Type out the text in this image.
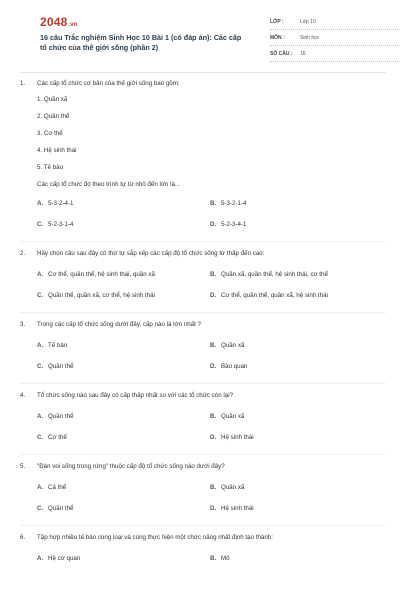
2048.vn
16 câu Trắc nghiệm Sinh Học 10 Bài 1 (có đáp án): Các cấp tổ chức của thế giới sống (phần 2)
LỚP :	Lớp 10
MÔN :	Sinh học
SỐ CÂU :	16
1.	Các cấp tổ chức cơ bản của thế giới sống bao gồm:
1. Quần xã
2. Quần thể
3. Cơ thể
4. Hệ sinh thái
5. Tế bào
Các cấp tổ chức đó theo trình tự từ nhỏ đến lớn là...
A. 5-3-2-4-1	B. 5-3-2-1-4
C. 5-2-3-1-4	D. 5-2-3-4-1
2.	Hãy chọn câu sau đây có thứ tự sắp xếp các cấp độ tổ chức sống từ thấp đến cao:
A. Cơ thể, quần thể, hệ sinh thái, quần xã	B. Quần xã, quần thể, hệ sinh thái, cơ thể
C. Quần thể, quần xã, cơ thể, hệ sinh thái	D. Cơ thể, quần thể, quần xã, hệ sinh thái
3.	Trong các cấp tổ chức sống dưới đây, cấp nào là lớn nhất ?
A. Tế bào	B. Quần xã
C. Quần thể	D. Bào quan
4.	Tổ chức sống nào sau đây có cấp thấp nhất so với các tổ chức còn lại?
A. Quần thể	B. Quần xã
C. Cơ thể	D. Hệ sinh thái
5.	"Đàn voi sống trong rừng" thuộc cấp độ tổ chức sống nào dưới đây?
A. Cá thể	B. Quần xã
C. Quần thể	D. Hệ sinh thái
6.	Tập hợp nhiều tế bào cùng loại và cùng thực hiện một chức năng nhất định tạo thành:
A. Hệ cơ quan	B. Mô
